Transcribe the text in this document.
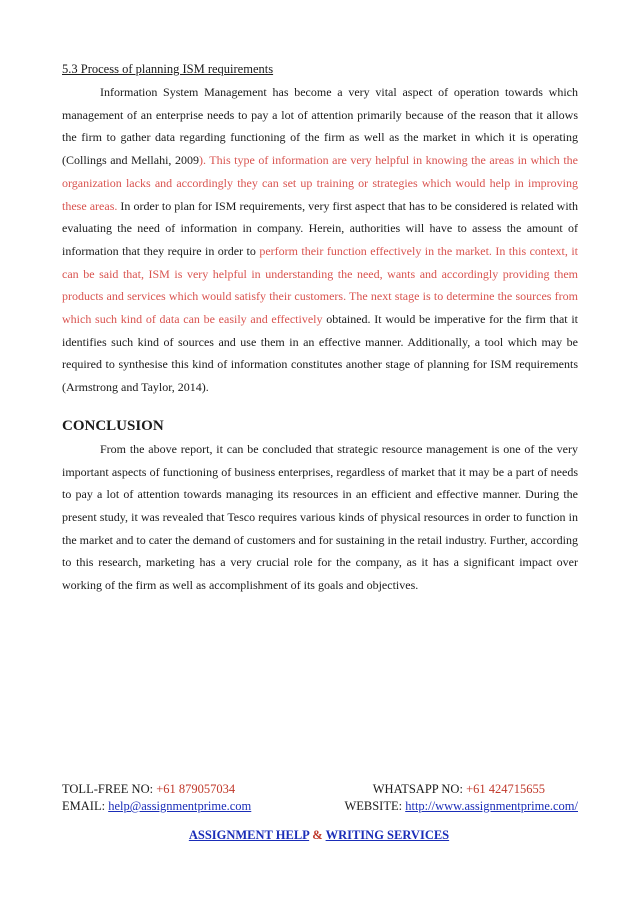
5.3 Process of planning ISM requirements

Information System Management has become a very vital aspect of operation towards which management of an enterprise needs to pay a lot of attention primarily because of the reason that it allows the firm to gather data regarding functioning of the firm as well as the market in which it is operating (Collings and Mellahi, 2009). This type of information are very helpful in knowing the areas in which the organization lacks and accordingly they can set up training or strategies which would help in improving these areas. In order to plan for ISM requirements, very first aspect that has to be considered is related with evaluating the need of information in company. Herein, authorities will have to assess the amount of information that they require in order to perform their function effectively in the market. In this context, it can be said that, ISM is very helpful in understanding the need, wants and accordingly providing them products and services which would satisfy their customers. The next stage is to determine the sources from which such kind of data can be easily and effectively obtained. It would be imperative for the firm that it identifies such kind of sources and use them in an effective manner. Additionally, a tool which may be required to synthesise this kind of information constitutes another stage of planning for ISM requirements (Armstrong and Taylor, 2014).

CONCLUSION

From the above report, it can be concluded that strategic resource management is one of the very important aspects of functioning of business enterprises, regardless of market that it may be a part of needs to pay a lot of attention towards managing its resources in an efficient and effective manner. During the present study, it was revealed that Tesco requires various kinds of physical resources in order to function in the market and to cater the demand of customers and for sustaining in the retail industry. Further, according to this research, marketing has a very crucial role for the company, as it has a significant impact over working of the firm as well as accomplishment of its goals and objectives.

TOLL-FREE NO: +61 879057034	WHATSAPP NO: +61 424715655
EMAIL: help@assignmentprime.com	WEBSITE: http://www.assignmentprime.com/
ASSIGNMENT HELP & WRITING SERVICES
